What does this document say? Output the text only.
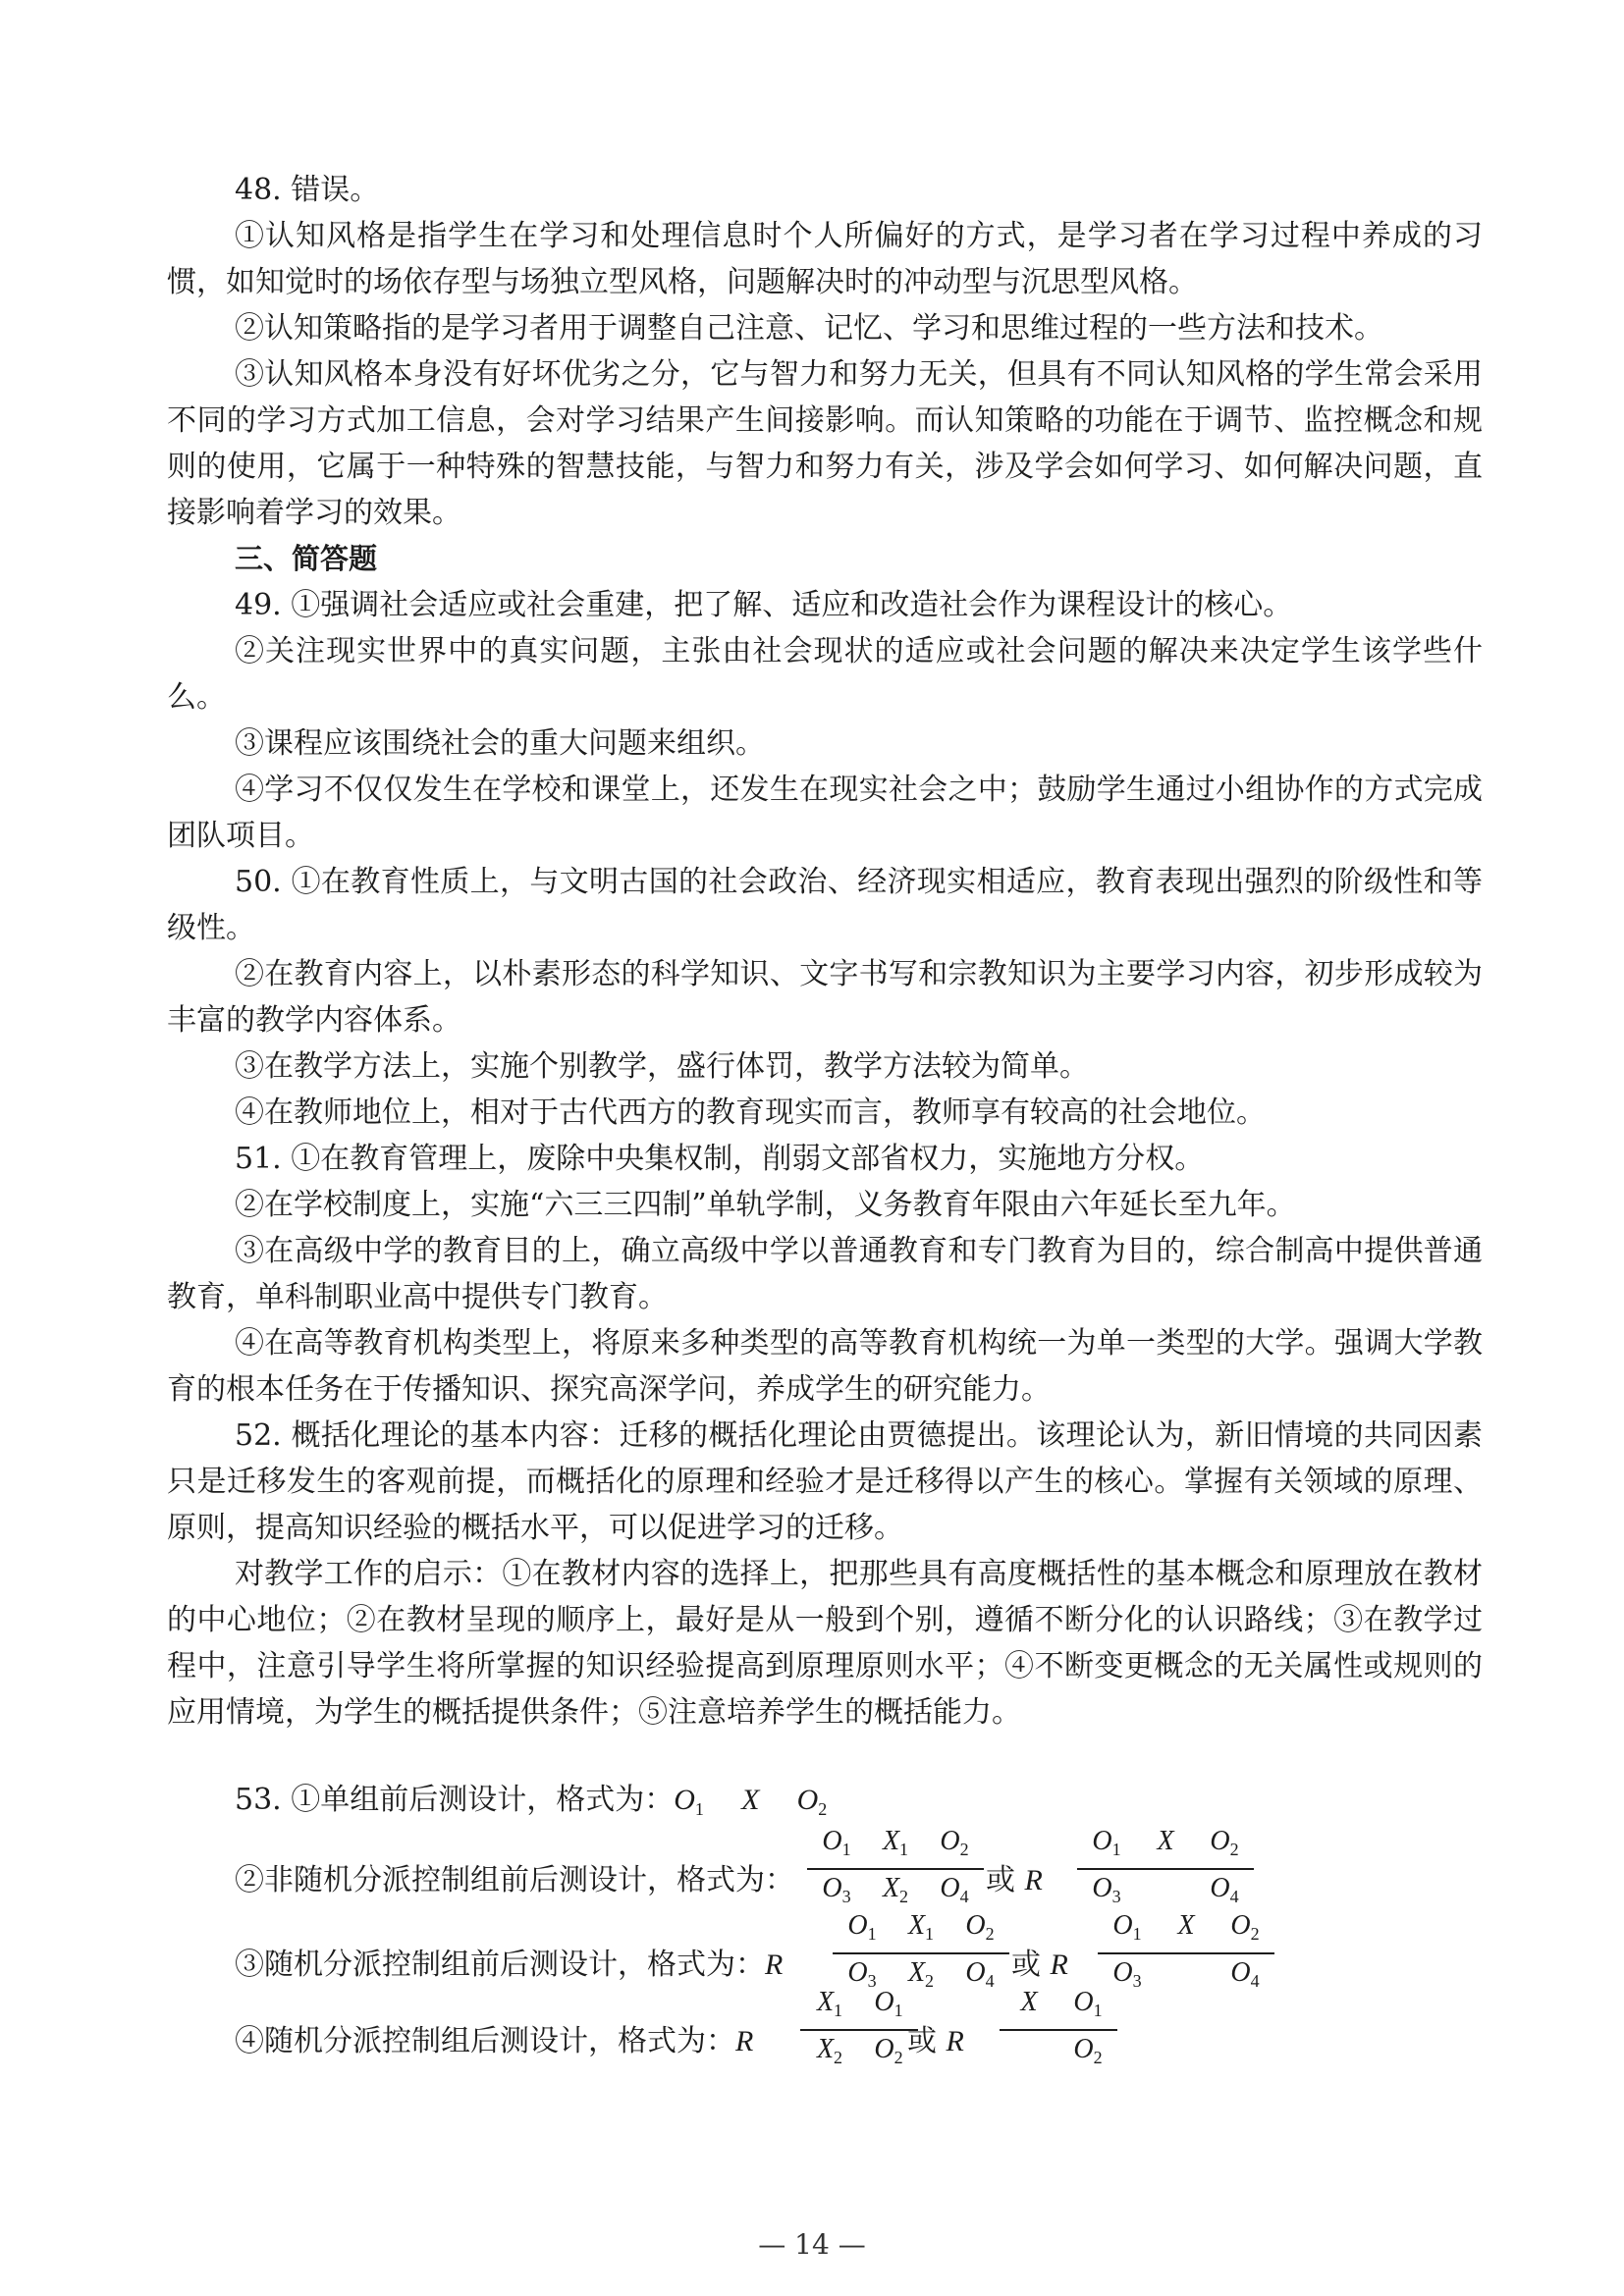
48. 错误。

①认知风格是指学生在学习和处理信息时个人所偏好的方式，是学习者在学习过程中养成的习惯，如知觉时的场依存型与场独立型风格，问题解决时的冲动型与沉思型风格。

②认知策略指的是学习者用于调整自己注意、记忆、学习和思维过程的一些方法和技术。

③认知风格本身没有好坏优劣之分，它与智力和努力无关，但具有不同认知风格的学生常会采用不同的学习方式加工信息，会对学习结果产生间接影响。而认知策略的功能在于调节、监控概念和规则的使用，它属于一种特殊的智慧技能，与智力和努力有关，涉及学会如何学习、如何解决问题，直接影响着学习的效果。

三、简答题

49. ①强调社会适应或社会重建，把了解、适应和改造社会作为课程设计的核心。

②关注现实世界中的真实问题，主张由社会现状的适应或社会问题的解决来决定学生该学些什么。

③课程应该围绕社会的重大问题来组织。

④学习不仅仅发生在学校和课堂上，还发生在现实社会之中；鼓励学生通过小组协作的方式完成团队项目。

50. ①在教育性质上，与文明古国的社会政治、经济现实相适应，教育表现出强烈的阶级性和等级性。

②在教育内容上，以朴素形态的科学知识、文字书写和宗教知识为主要学习内容，初步形成较为丰富的教学内容体系。

③在教学方法上，实施个别教学，盛行体罚，教学方法较为简单。

④在教师地位上，相对于古代西方的教育现实而言，教师享有较高的社会地位。

51. ①在教育管理上，废除中央集权制，削弱文部省权力，实施地方分权。

②在学校制度上，实施“六三三四制”单轨学制，义务教育年限由六年延长至九年。

③在高级中学的教育目的上，确立高级中学以普通教育和专门教育为目的，综合制高中提供普通教育，单科制职业高中提供专门教育。

④在高等教育机构类型上，将原来多种类型的高等教育机构统一为单一类型的大学。强调大学教育的根本任务在于传播知识、探究高深学问，养成学生的研究能力。

52. 概括化理论的基本内容：迁移的概括化理论由贾德提出。该理论认为，新旧情境的共同因素只是迁移发生的客观前提，而概括化的原理和经验才是迁移得以产生的核心。掌握有关领域的原理、原则，提高知识经验的概括水平，可以促进学习的迁移。

对教学工作的启示：①在教材内容的选择上，把那些具有高度概括性的基本概念和原理放在教材的中心地位；②在教材呈现的顺序上，最好是从一般到个别，遵循不断分化的认识路线；③在教学过程中，注意引导学生将所掌握的知识经验提高到原理原则水平；④不断变更概念的无关属性或规则的应用情境，为学生的概括提供条件；⑤注意培养学生的概括能力。

53. ①单组前后测设计，格式为：$O_1$ X $O_2$
②非随机分派控制组前后测设计，格式为：
$O_1$	$X_1$	$O_2$
$O_3$	$X_2$	$O_4$ 或 R
$O_1$	X	$O_2$
$O_3$	$O_4$
③随机分派控制组前后测设计，格式为：R
$O_1$	$X_1$	$O_2$
$O_3$	$X_2$	$O_4$ 或 R
$O_1$	X	$O_2$
$O_3$	$O_4$
④随机分派控制组后测设计，格式为：R
$X_1$	$O_1$
$X_2$	$O_2$ 或 R
X	$O_1$
$O_2$
— 14 —
